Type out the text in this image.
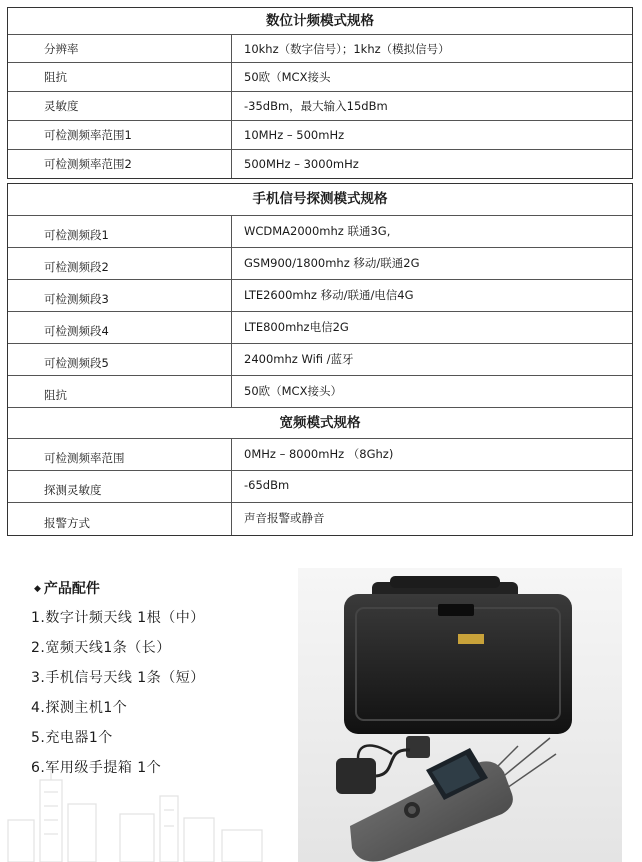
数位计频模式规格
分辨率	10khz（数字信号）；1khz（模拟信号）
阻抗	50欧（MCX接头
灵敏度	-35dBm，最大输入15dBm
可检测频率范围1	10MHz – 500mHz
可检测频率范围2	500MHz – 3000mHz
手机信号探测模式规格
可检测频段1	WCDMA2000mhz 联通3G,
可检测频段2	GSM900/1800mhz 移动/联通2G
可检测频段3	LTE2600mhz 移动/联通/电信4G
可检测频段4	LTE800mhz电信2G
可检测频段5	2400mhz Wifi /蓝牙
阻抗	50欧（MCX接头）
宽频模式规格
可检测频率范围	0MHz – 8000mHz （8Ghz)
探测灵敏度	-65dBm
报警方式	声音报警或静音
◆ 产品配件
1.数字计频天线 1根（中）
2.宽频天线1条（长）
3.手机信号天线 1条（短）
4.探测主机1个
5.充电器1个
6.军用级手提箱 1个
